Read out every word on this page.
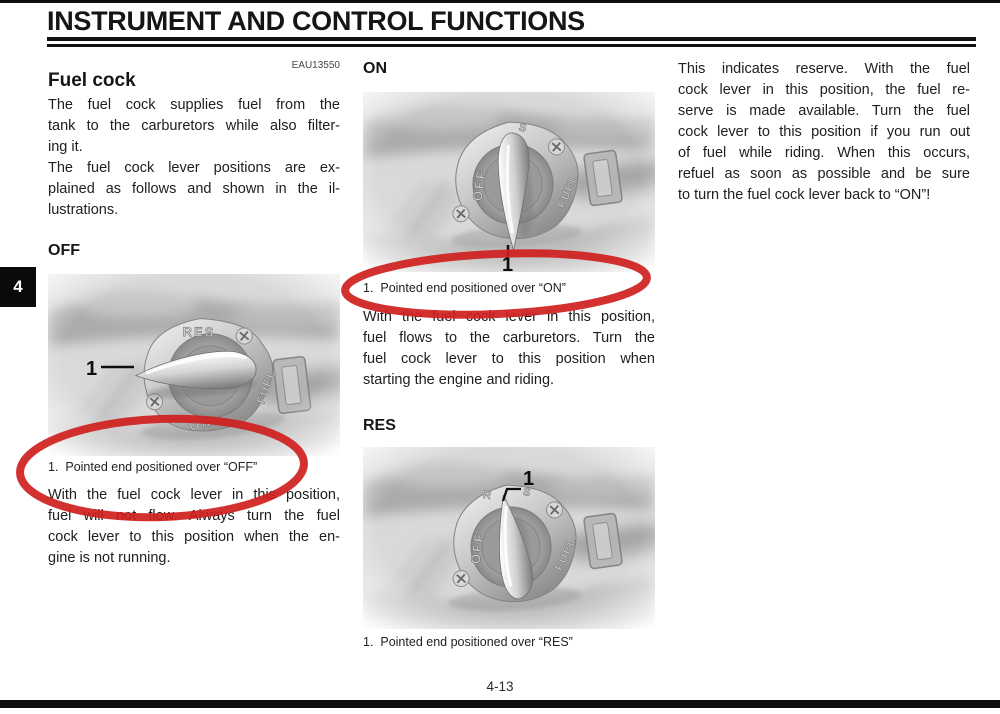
INSTRUMENT AND CONTROL FUNCTIONS
4
EAU13550
Fuel cock
The fuel cock supplies fuel from the
tank to the carburetors while also filter-
ing it.
The fuel cock lever positions are ex-
plained as follows and shown in the il-
lustrations.
OFF
1
1.  Pointed end positioned over “OFF”
With the fuel cock lever in this position,
fuel will not flow. Always turn the fuel
cock lever to this position when the en-
gine is not running.
ON
1
1.  Pointed end positioned over “ON”
With the fuel cock lever in this position,
fuel flows to the carburetors. Turn the
fuel cock lever to this position when
starting the engine and riding.
RES
1
1.  Pointed end positioned over “RES”
This indicates reserve. With the fuel
cock lever in this position, the fuel re-
serve is made available. Turn the fuel
cock lever to this position if you run out
of fuel while riding. When this occurs,
refuel as soon as possible and be sure
to turn the fuel cock lever back to “ON”!
4-13
